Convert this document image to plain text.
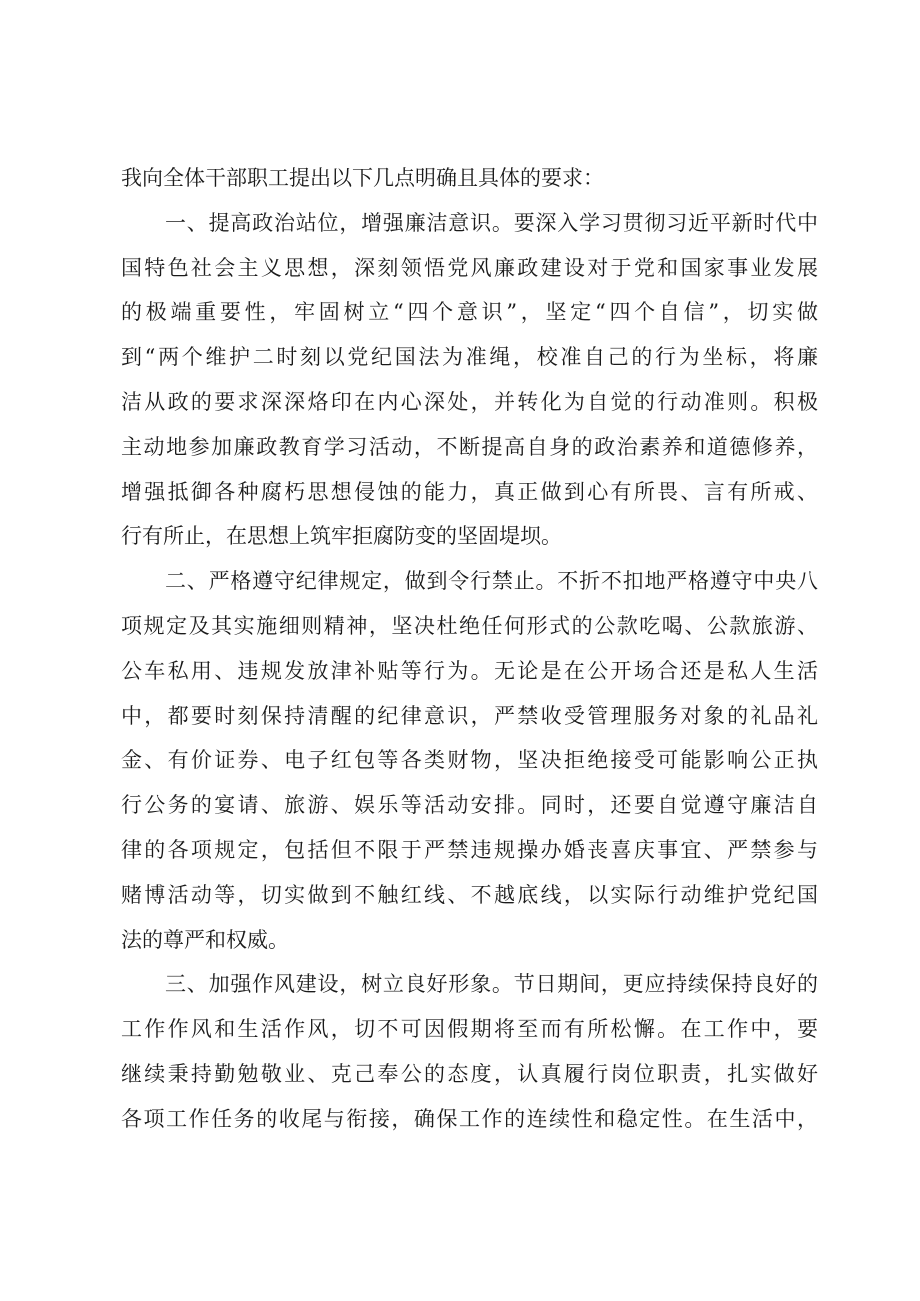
我向全体干部职工提出以下几点明确且具体的要求：
一、提高政治站位，增强廉洁意识。要深入学习贯彻习近平新时代中
国特色社会主义思想，深刻领悟党风廉政建设对于党和国家事业发展
的极端重要性，牢固树立“四个意识”，坚定“四个自信”，切实做
到“两个维护二时刻以党纪国法为准绳，校准自己的行为坐标，将廉
洁从政的要求深深烙印在内心深处，并转化为自觉的行动准则。积极
主动地参加廉政教育学习活动，不断提高自身的政治素养和道德修养，
增强抵御各种腐朽思想侵蚀的能力，真正做到心有所畏、言有所戒、
行有所止，在思想上筑牢拒腐防变的坚固堤坝。
二、严格遵守纪律规定，做到令行禁止。不折不扣地严格遵守中央八
项规定及其实施细则精神，坚决杜绝任何形式的公款吃喝、公款旅游、
公车私用、违规发放津补贴等行为。无论是在公开场合还是私人生活
中，都要时刻保持清醒的纪律意识，严禁收受管理服务对象的礼品礼
金、有价证券、电子红包等各类财物，坚决拒绝接受可能影响公正执
行公务的宴请、旅游、娱乐等活动安排。同时，还要自觉遵守廉洁自
律的各项规定，包括但不限于严禁违规操办婚丧喜庆事宜、严禁参与
赌博活动等，切实做到不触红线、不越底线，以实际行动维护党纪国
法的尊严和权威。
三、加强作风建设，树立良好形象。节日期间，更应持续保持良好的
工作作风和生活作风，切不可因假期将至而有所松懈。在工作中，要
继续秉持勤勉敬业、克己奉公的态度，认真履行岗位职责，扎实做好
各项工作任务的收尾与衔接，确保工作的连续性和稳定性。在生活中，
